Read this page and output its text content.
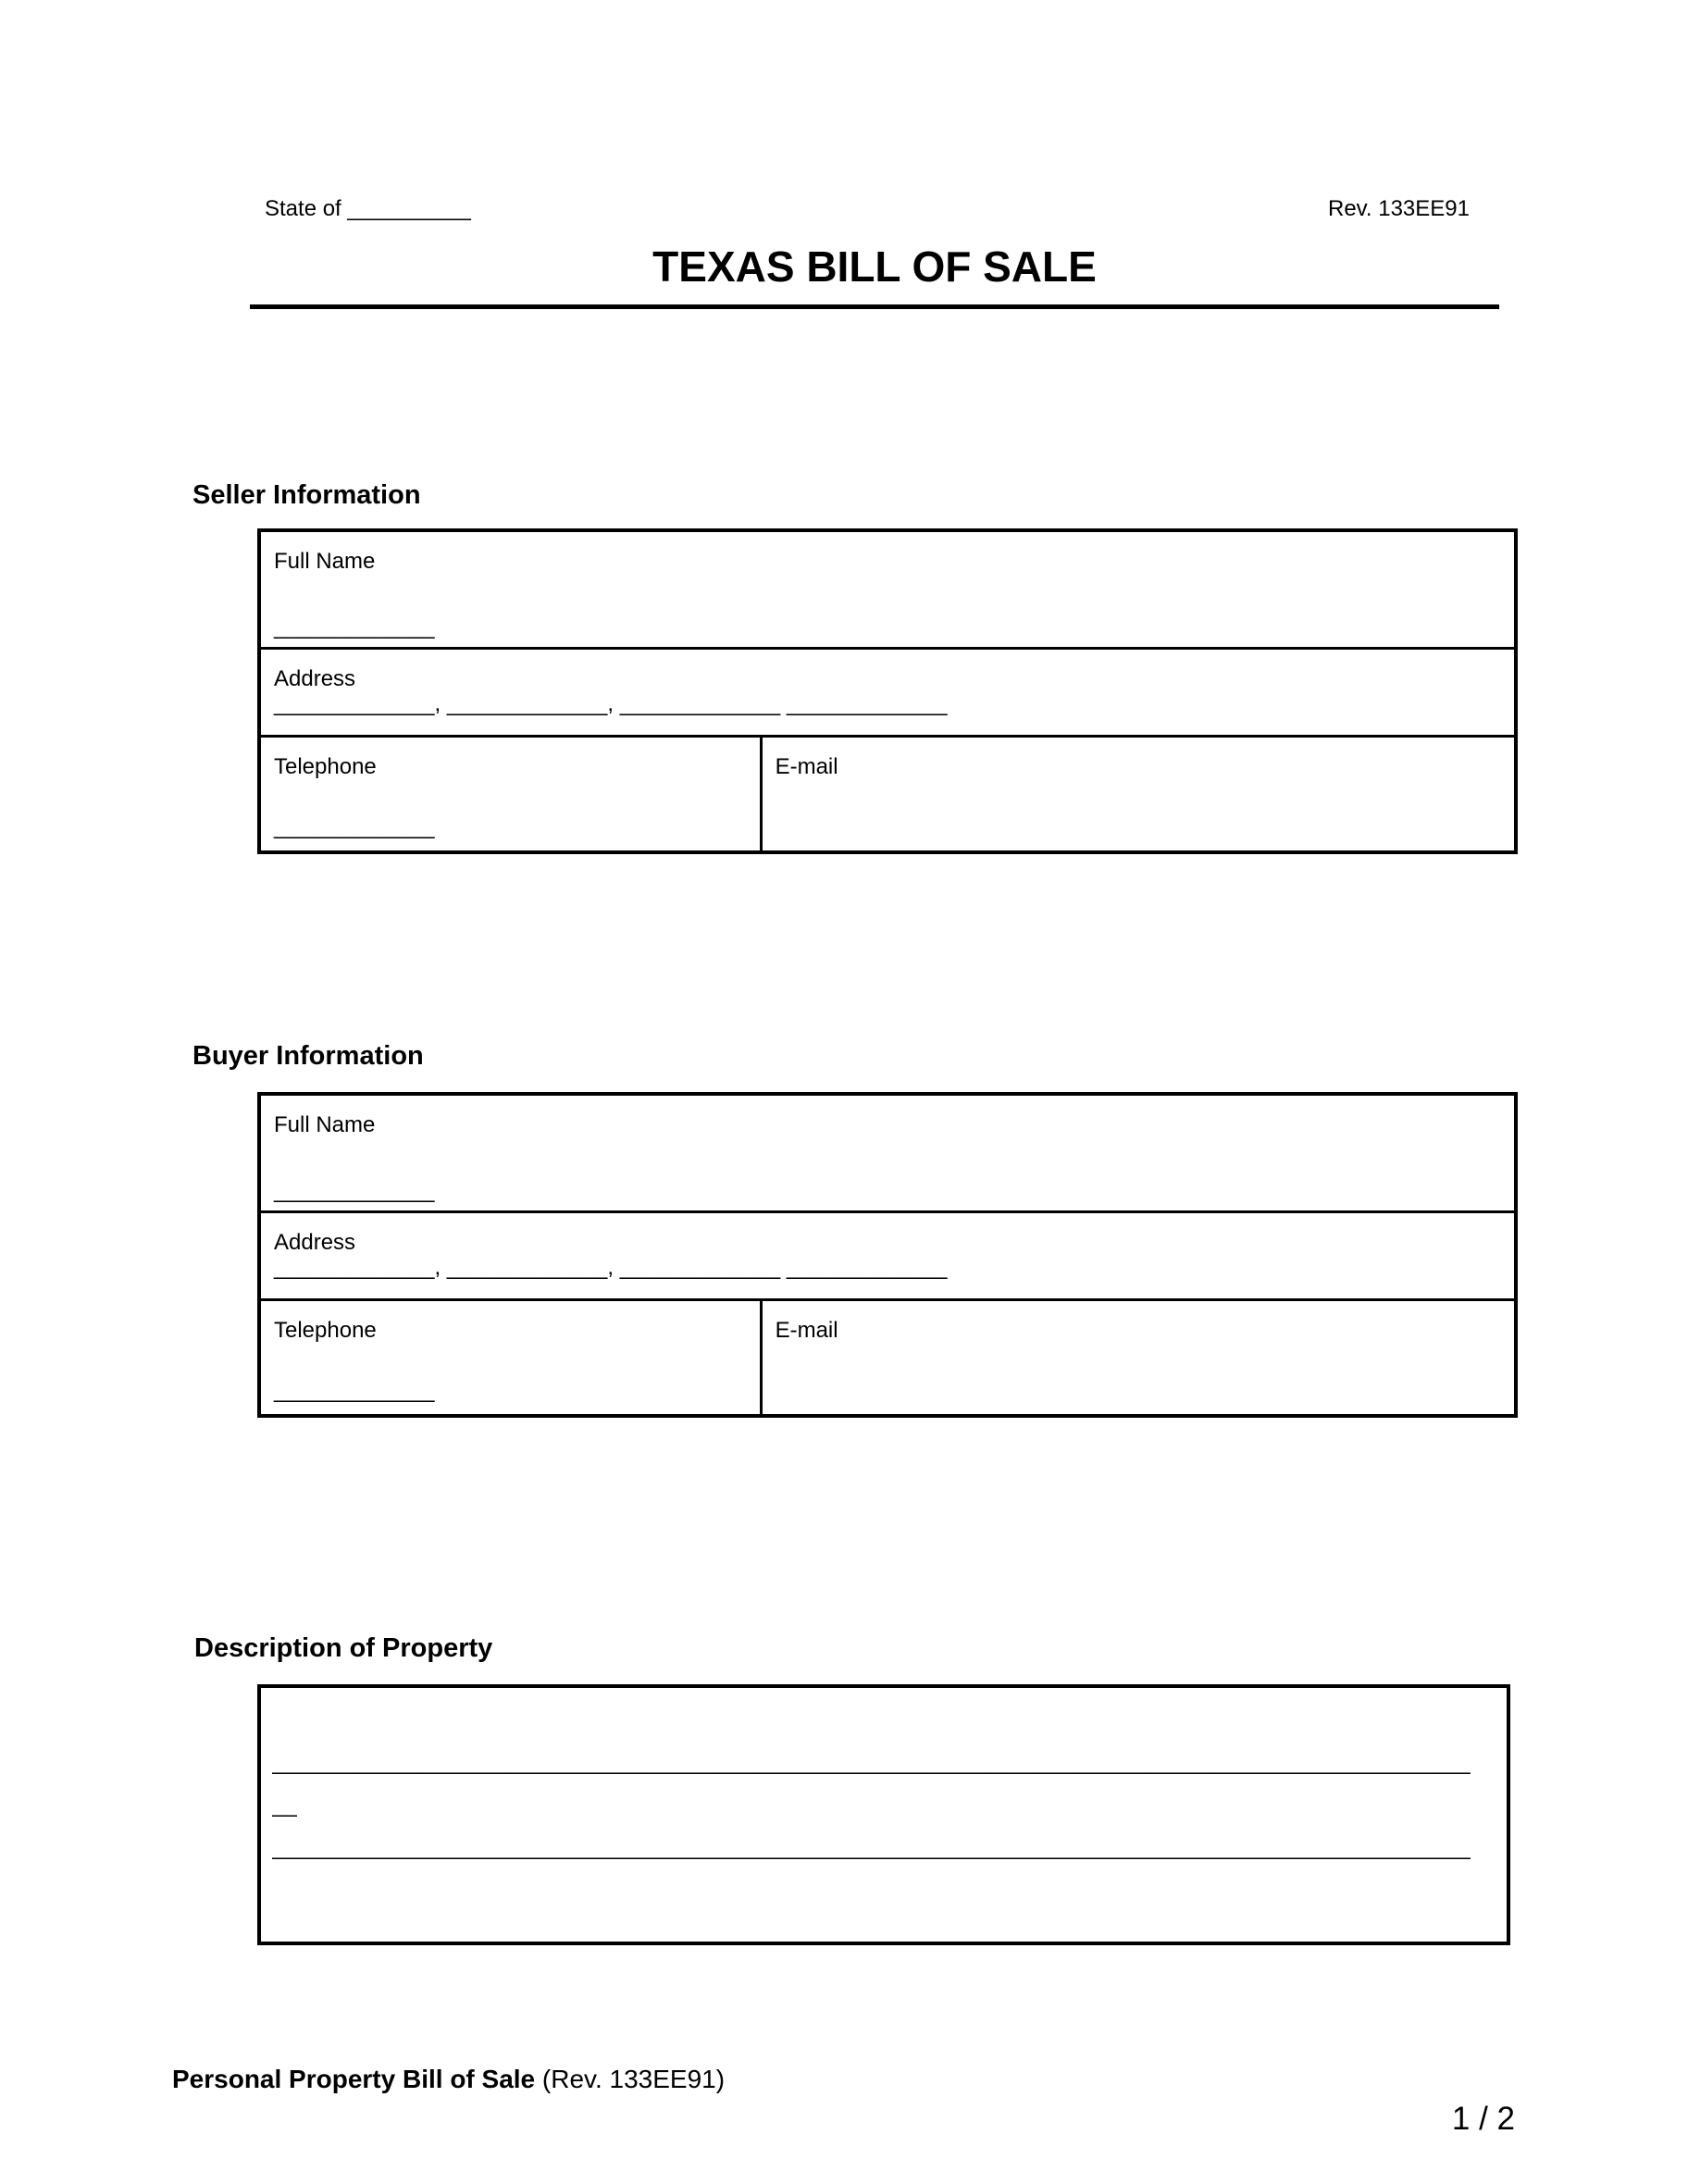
State of __________	Rev. 133EE91
TEXAS BILL OF SALE
Seller Information
Full Name
_____________
Address
_____________, _____________, _____________ _____________
Telephone
_____________
E-mail
Buyer Information
Full Name
_____________
Address
_____________, _____________, _____________ _____________
Telephone
_____________
E-mail
Description of Property
_________________________________________________________________________________________________
__
_________________________________________________________________________________________________
Personal Property Bill of Sale (Rev. 133EE91)
1 / 2
